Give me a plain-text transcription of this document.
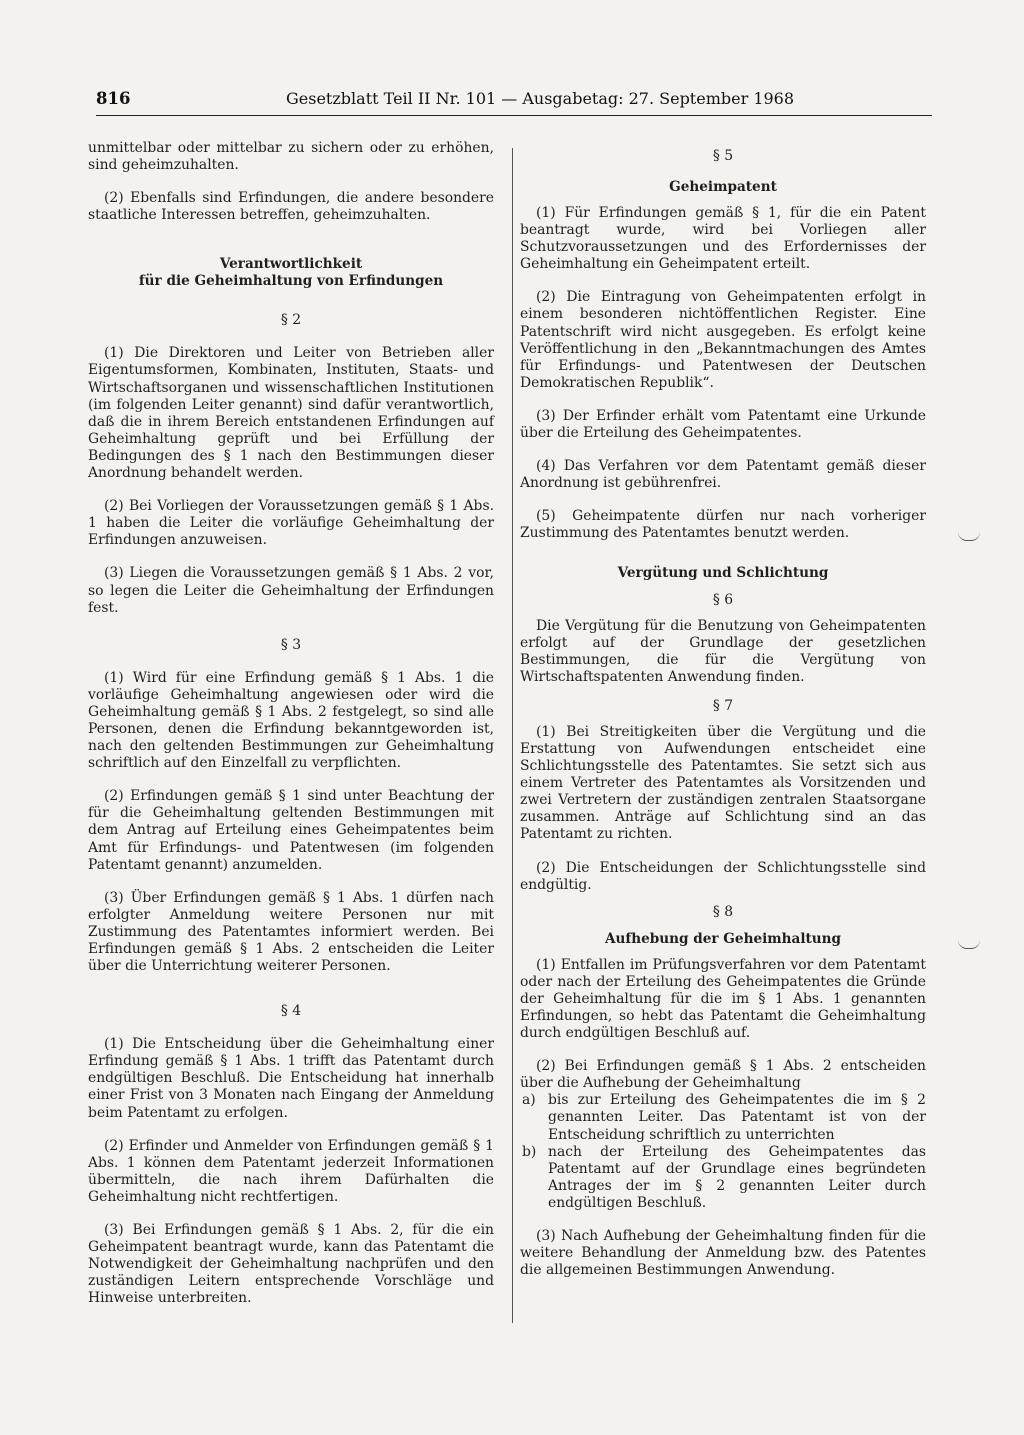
816	Gesetzblatt Teil II Nr. 101 — Ausgabetag: 27. September 1968

unmittelbar oder mittelbar zu sichern oder zu erhöhen, sind geheimzuhalten.

(2) Ebenfalls sind Erfindungen, die andere besondere staatliche Interessen betreffen, geheimzuhalten.

Verantwortlichkeit

für die Geheimhaltung von Erfindungen

§ 2

(1) Die Direktoren und Leiter von Betrieben aller Eigentumsformen, Kombinaten, Instituten, Staats- und Wirtschaftsorganen und wissenschaftlichen Institutionen (im folgenden Leiter genannt) sind dafür verantwortlich, daß die in ihrem Bereich entstandenen Erfindungen auf Geheimhaltung geprüft und bei Erfüllung der Bedingungen des § 1 nach den Bestimmungen dieser Anordnung behandelt werden.

(2) Bei Vorliegen der Voraussetzungen gemäß § 1 Abs. 1 haben die Leiter die vorläufige Geheimhaltung der Erfindungen anzuweisen.

(3) Liegen die Voraussetzungen gemäß § 1 Abs. 2 vor, so legen die Leiter die Geheimhaltung der Erfindungen fest.

§ 3

(1) Wird für eine Erfindung gemäß § 1 Abs. 1 die vorläufige Geheimhaltung angewiesen oder wird die Geheimhaltung gemäß § 1 Abs. 2 festgelegt, so sind alle Personen, denen die Erfindung bekanntgeworden ist, nach den geltenden Bestimmungen zur Geheimhaltung schriftlich auf den Einzelfall zu verpflichten.

(2) Erfindungen gemäß § 1 sind unter Beachtung der für die Geheimhaltung geltenden Bestimmungen mit dem Antrag auf Erteilung eines Geheimpatentes beim Amt für Erfindungs- und Patentwesen (im folgenden Patentamt genannt) anzumelden.

(3) Über Erfindungen gemäß § 1 Abs. 1 dürfen nach erfolgter Anmeldung weitere Personen nur mit Zustimmung des Patentamtes informiert werden. Bei Erfindungen gemäß § 1 Abs. 2 entscheiden die Leiter über die Unterrichtung weiterer Personen.

§ 4

(1) Die Entscheidung über die Geheimhaltung einer Erfindung gemäß § 1 Abs. 1 trifft das Patentamt durch endgültigen Beschluß. Die Entscheidung hat innerhalb einer Frist von 3 Monaten nach Eingang der Anmeldung beim Patentamt zu erfolgen.

(2) Erfinder und Anmelder von Erfindungen gemäß § 1 Abs. 1 können dem Patentamt jederzeit Informationen übermitteln, die nach ihrem Dafürhalten die Geheimhaltung nicht rechtfertigen.

(3) Bei Erfindungen gemäß § 1 Abs. 2, für die ein Geheimpatent beantragt wurde, kann das Patentamt die Notwendigkeit der Geheimhaltung nachprüfen und den zuständigen Leitern entsprechende Vorschläge und Hinweise unterbreiten.

§ 5

Geheimpatent

(1) Für Erfindungen gemäß § 1, für die ein Patent beantragt wurde, wird bei Vorliegen aller Schutzvoraussetzungen und des Erfordernisses der Geheimhaltung ein Geheimpatent erteilt.

(2) Die Eintragung von Geheimpatenten erfolgt in einem besonderen nichtöffentlichen Register. Eine Patentschrift wird nicht ausgegeben. Es erfolgt keine Veröffentlichung in den „Bekanntmachungen des Amtes für Erfindungs- und Patentwesen der Deutschen Demokratischen Republik“.

(3) Der Erfinder erhält vom Patentamt eine Urkunde über die Erteilung des Geheimpatentes.

(4) Das Verfahren vor dem Patentamt gemäß dieser Anordnung ist gebührenfrei.

(5) Geheimpatente dürfen nur nach vorheriger Zustimmung des Patentamtes benutzt werden.

Vergütung und Schlichtung

§ 6

Die Vergütung für die Benutzung von Geheimpatenten erfolgt auf der Grundlage der gesetzlichen Bestimmungen, die für die Vergütung von Wirtschaftspatenten Anwendung finden.

§ 7

(1) Bei Streitigkeiten über die Vergütung und die Erstattung von Aufwendungen entscheidet eine Schlichtungsstelle des Patentamtes. Sie setzt sich aus einem Vertreter des Patentamtes als Vorsitzenden und zwei Vertretern der zuständigen zentralen Staatsorgane zusammen. Anträge auf Schlichtung sind an das Patentamt zu richten.

(2) Die Entscheidungen der Schlichtungsstelle sind endgültig.

§ 8

Aufhebung der Geheimhaltung

(1) Entfallen im Prüfungsverfahren vor dem Patentamt oder nach der Erteilung des Geheimpatentes die Gründe der Geheimhaltung für die im § 1 Abs. 1 genannten Erfindungen, so hebt das Patentamt die Geheimhaltung durch endgültigen Beschluß auf.

(2) Bei Erfindungen gemäß § 1 Abs. 2 entscheiden über die Aufhebung der Geheimhaltung

a) bis zur Erteilung des Geheimpatentes die im § 2 genannten Leiter. Das Patentamt ist von der Entscheidung schriftlich zu unterrichten

b) nach der Erteilung des Geheimpatentes das Patentamt auf der Grundlage eines begründeten Antrages der im § 2 genannten Leiter durch endgültigen Beschluß.

(3) Nach Aufhebung der Geheimhaltung finden für die weitere Behandlung der Anmeldung bzw. des Patentes die allgemeinen Bestimmungen Anwendung.
